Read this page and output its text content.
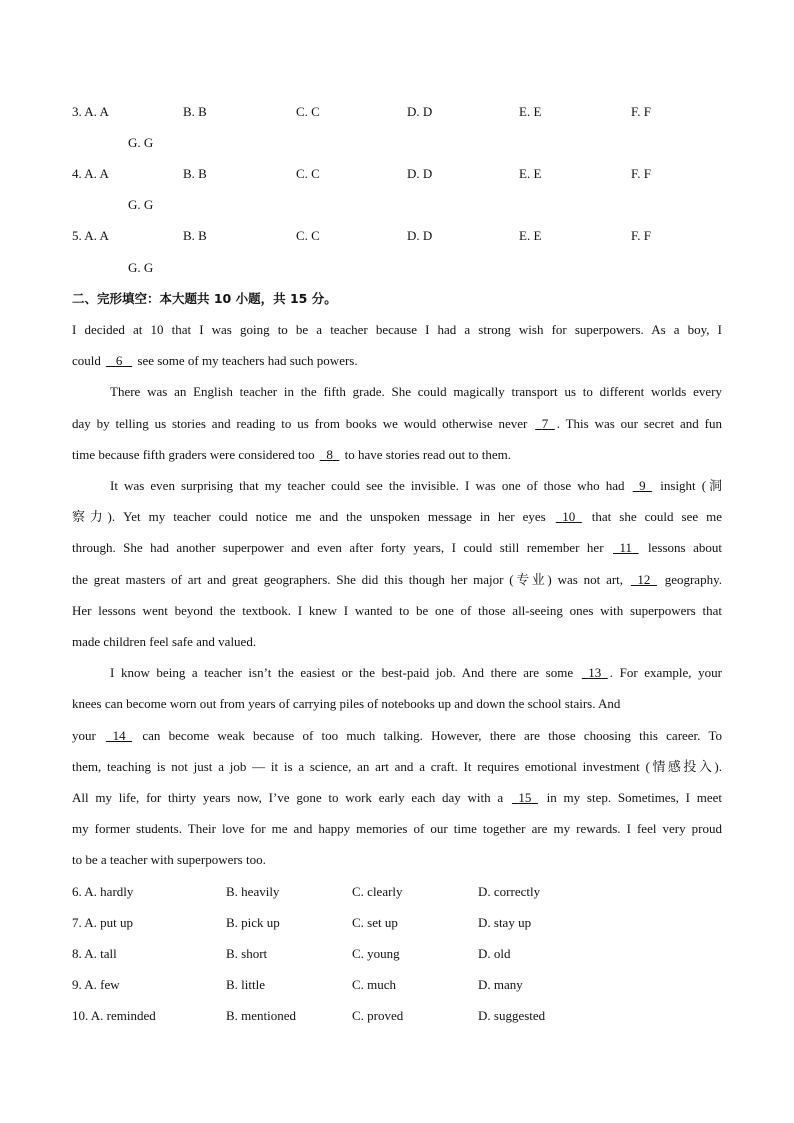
3. A. A	B. B	C. C	D. D	E. E	F. F
G. G
4. A. A	B. B	C. C	D. D	E. E	F. F
G. G
5. A. A	B. B	C. C	D. D	E. E	F. F
G. G
二、完形填空：本大题共 10 小题，共 15 分。
I decided at 10 that I was going to be a teacher because I had a strong wish for superpowers. As a boy, I
could    6    see some of my teachers had such powers.
There was an English teacher in the fifth grade. She could magically transport us to different worlds every
day by telling us stories and reading to us from books we would otherwise never   7 . This was our secret and fun
time because fifth graders were considered too   8   to have stories read out to them.
It was even surprising that my teacher could see the invisible. I was one of those who had   9   insight (洞
察力). Yet my teacher could notice me and the unspoken message in her eyes   10   that she could see me
through. She had another superpower and even after forty years, I could still remember her   11   lessons about
the great masters of art and great geographers. She did this though her major (专业) was not art,   12   geography.
Her lessons went beyond the textbook. I knew I wanted to be one of those all-seeing ones with superpowers that
made children feel safe and valued.
I know being a teacher isn’t the easiest or the best-paid job. And there are some   13 . For example, your
knees can become worn out from years of carrying piles of notebooks up and down the school stairs. And
your   14   can become weak because of too much talking. However, there are those choosing this career. To
them, teaching is not just a job — it is a science, an art and a craft. It requires emotional investment (情感投入).
All my life, for thirty years now, I’ve gone to work early each day with a   15   in my step. Sometimes, I meet
my former students. Their love for me and happy memories of our time together are my rewards. I feel very proud
to be a teacher with superpowers too.
6. A. hardly	B. heavily	C. clearly	D. correctly
7. A. put up	B. pick up	C. set up	D. stay up
8. A. tall	B. short	C. young	D. old
9. A. few	B. little	C. much	D. many
10. A. reminded	B. mentioned	C. proved	D. suggested
